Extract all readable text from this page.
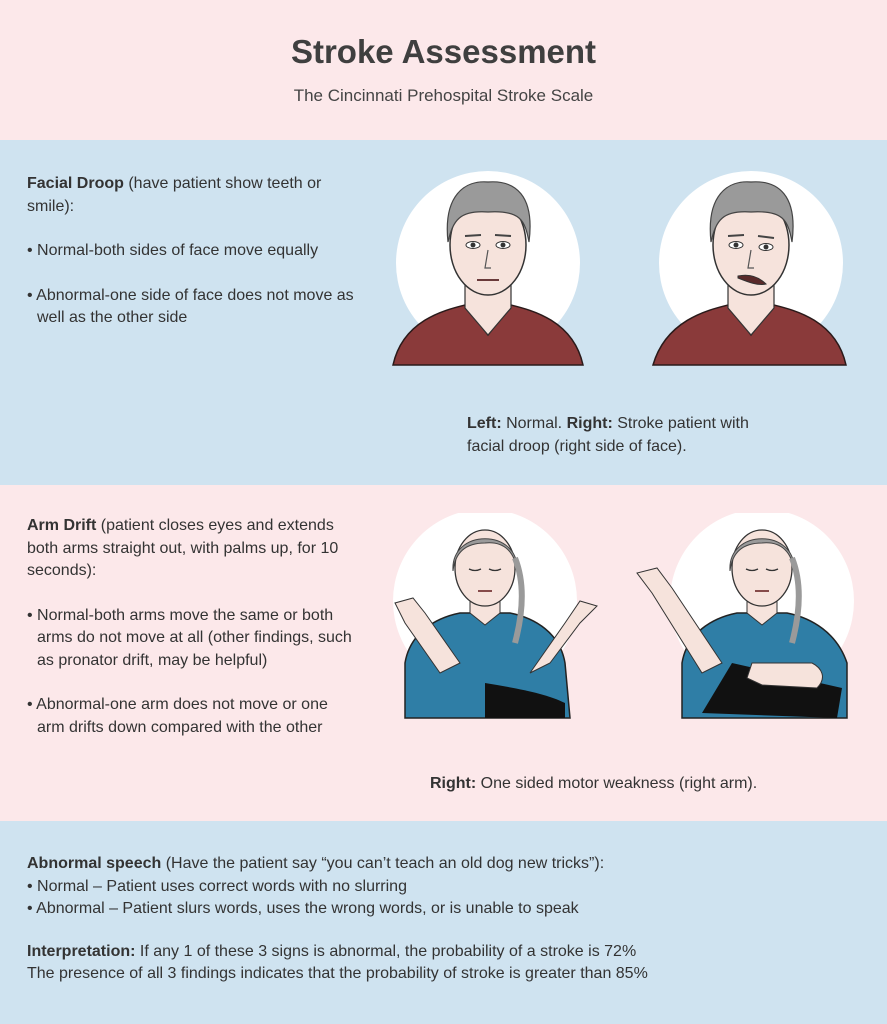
Stroke Assessment
The Cincinnati Prehospital Stroke Scale

Facial Droop (have patient show teeth or smile):

• Normal-both sides of face move equally

• Abnormal-one side of face does not move as well as the other side

Left: Normal. Right: Stroke patient with facial droop (right side of face).

Arm Drift (patient closes eyes and extends both arms straight out, with palms up, for 10 seconds):

• Normal-both arms move the same or both arms do not move at all (other findings, such as pronator drift, may be helpful)

• Abnormal-one arm does not move or one arm drifts down compared with the other

Right: One sided motor weakness (right arm).

Abnormal speech (Have the patient say “you can’t teach an old dog new tricks”):

• Normal – Patient uses correct words with no slurring

• Abnormal – Patient slurs words, uses the wrong words, or is unable to speak

Interpretation: If any 1 of these 3 signs is abnormal, the probability of a stroke is 72%

The presence of all 3 findings indicates that the probability of stroke is greater than 85%
